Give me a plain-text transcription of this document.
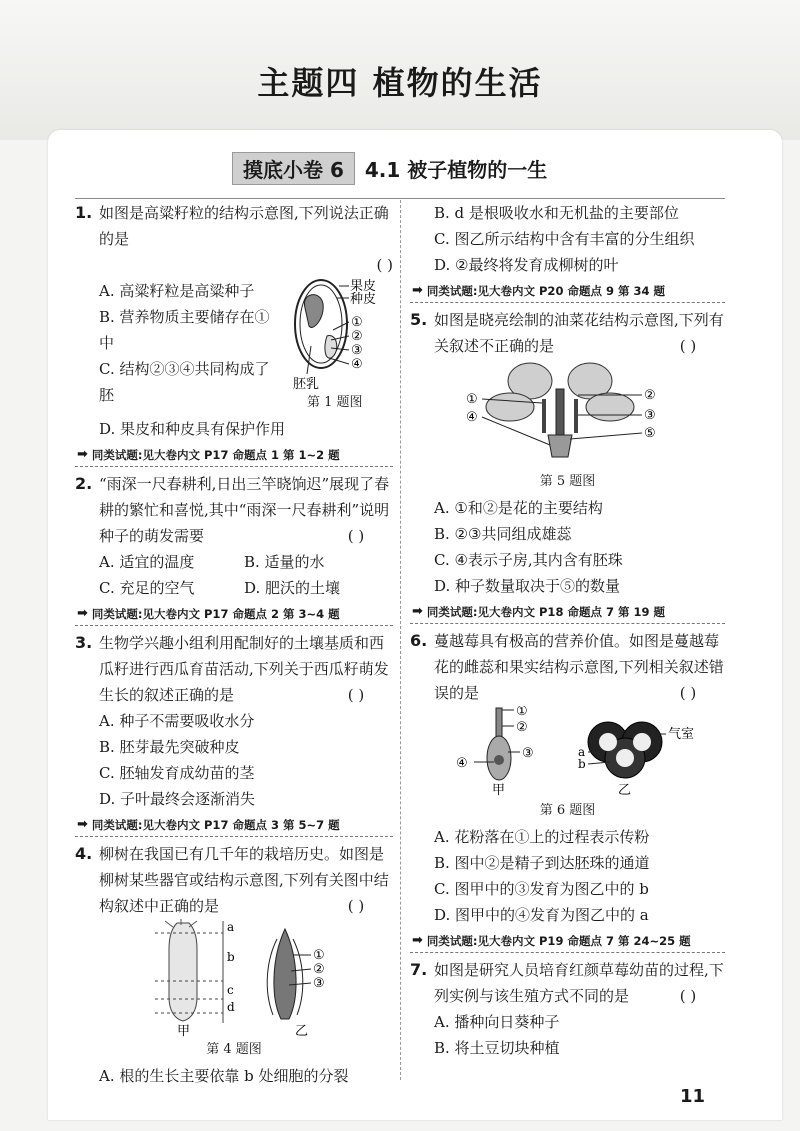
主题四 植物的生活
摸底小卷 6	4.1 被子植物的一生
1. 如图是高粱籽粒的结构示意图,下列说法正确的是
( )
A. 高粱籽粒是高粱种子
B. 营养物质主要储存在①中
C. 结构②③④共同构成了胚
果皮
种皮
①
②
③
④
胚乳
第 1 题图
D. 果皮和种皮具有保护作用
➡ 同类试题:见大卷内文 P17 命题点 1 第 1~2 题
2. “雨深一尺春耕利,日出三竿晓饷迟”展现了春耕的繁忙和喜悦,其中“雨深一尺春耕利”说明种子的萌发需要	( )
A. 适宜的温度	B. 适量的水
C. 充足的空气	D. 肥沃的土壤
➡ 同类试题:见大卷内文 P17 命题点 2 第 3~4 题
3. 生物学兴趣小组利用配制好的土壤基质和西瓜籽进行西瓜育苗活动,下列关于西瓜籽萌发生长的叙述正确的是	( )
A. 种子不需要吸收水分
B. 胚芽最先突破种皮
C. 胚轴发育成幼苗的茎
D. 子叶最终会逐渐消失
➡ 同类试题:见大卷内文 P17 命题点 3 第 5~7 题
4. 柳树在我国已有几千年的栽培历史。如图是柳树某些器官或结构示意图,下列有关图中结构叙述中正确的是	( )
a
b
c
d
①
②
③
甲	乙
第 4 题图
A. 根的生长主要依靠 b 处细胞的分裂
B. d 是根吸收水和无机盐的主要部位
C. 图乙所示结构中含有丰富的分生组织
D. ②最终将发育成柳树的叶
➡ 同类试题:见大卷内文 P20 命题点 9 第 34 题
5. 如图是晓亮绘制的油菜花结构示意图,下列有关叙述不正确的是	( )
①	②
③
④
⑤
第 5 题图
A. ①和②是花的主要结构
B. ②③共同组成雄蕊
C. ④表示子房,其内含有胚珠
D. 种子数量取决于⑤的数量
➡ 同类试题:见大卷内文 P18 命题点 7 第 19 题
6. 蔓越莓具有极高的营养价值。如图是蔓越莓花的雌蕊和果实结构示意图,下列相关叙述错误的是	( )
①
②
③
④
a
b
气室
甲	乙
第 6 题图
A. 花粉落在①上的过程表示传粉
B. 图中②是精子到达胚珠的通道
C. 图甲中的③发育为图乙中的 b
D. 图甲中的④发育为图乙中的 a
➡ 同类试题:见大卷内文 P19 命题点 7 第 24~25 题
7. 如图是研究人员培育红颜草莓幼苗的过程,下列实例与该生殖方式不同的是	( )
A. 播种向日葵种子
B. 将土豆切块种植
11
